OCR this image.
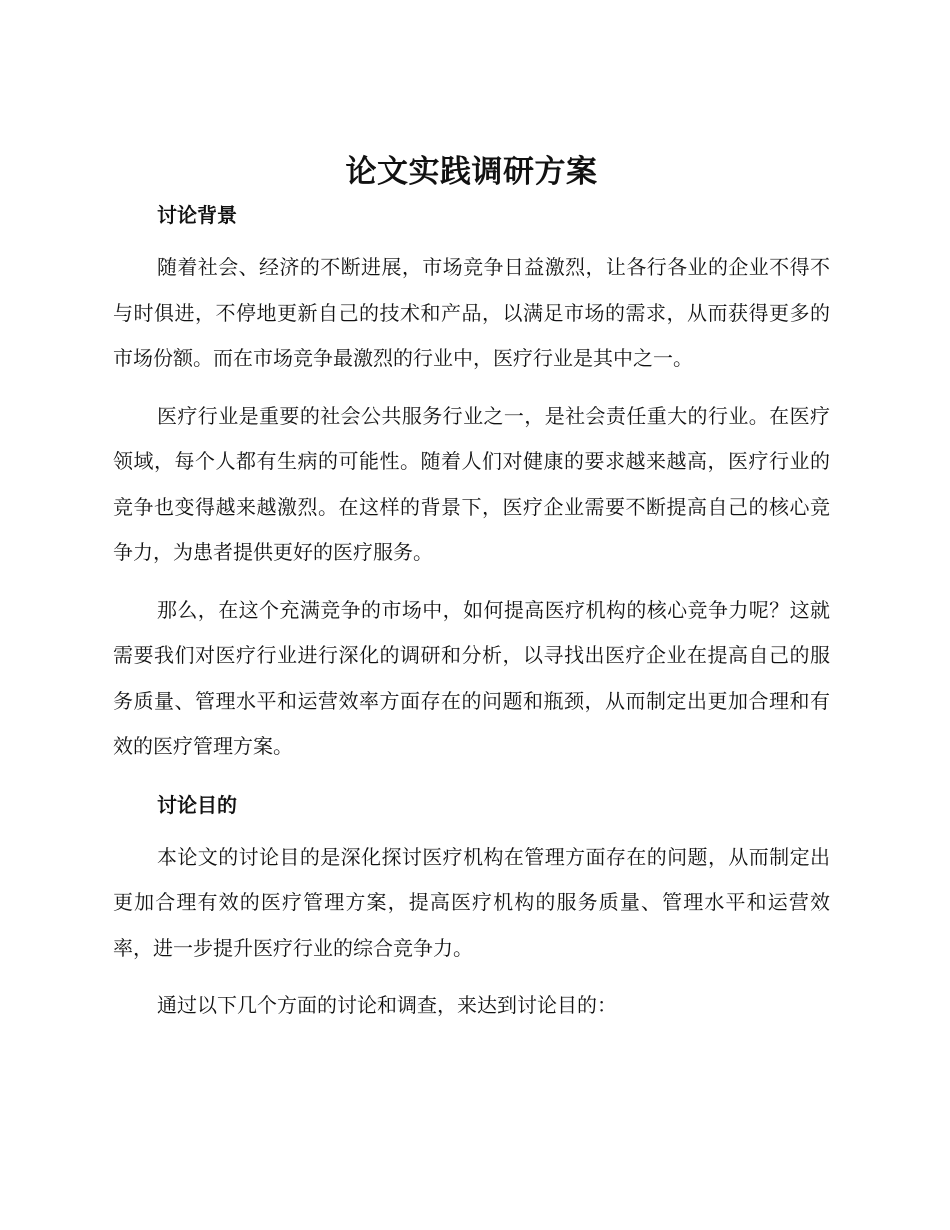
论文实践调研方案
讨论背景

随着社会、经济的不断进展，市场竞争日益激烈，让各行各业的企业不得不与时俱进，不停地更新自己的技术和产品，以满足市场的需求，从而获得更多的市场份额。而在市场竞争最激烈的行业中，医疗行业是其中之一。

医疗行业是重要的社会公共服务行业之一，是社会责任重大的行业。在医疗领域，每个人都有生病的可能性。随着人们对健康的要求越来越高，医疗行业的竞争也变得越来越激烈。在这样的背景下，医疗企业需要不断提高自己的核心竞争力，为患者提供更好的医疗服务。

那么，在这个充满竞争的市场中，如何提高医疗机构的核心竞争力呢？这就需要我们对医疗行业进行深化的调研和分析，以寻找出医疗企业在提高自己的服务质量、管理水平和运营效率方面存在的问题和瓶颈，从而制定出更加合理和有效的医疗管理方案。

讨论目的

本论文的讨论目的是深化探讨医疗机构在管理方面存在的问题，从而制定出更加合理有效的医疗管理方案，提高医疗机构的服务质量、管理水平和运营效率，进一步提升医疗行业的综合竞争力。

通过以下几个方面的讨论和调查，来达到讨论目的：
